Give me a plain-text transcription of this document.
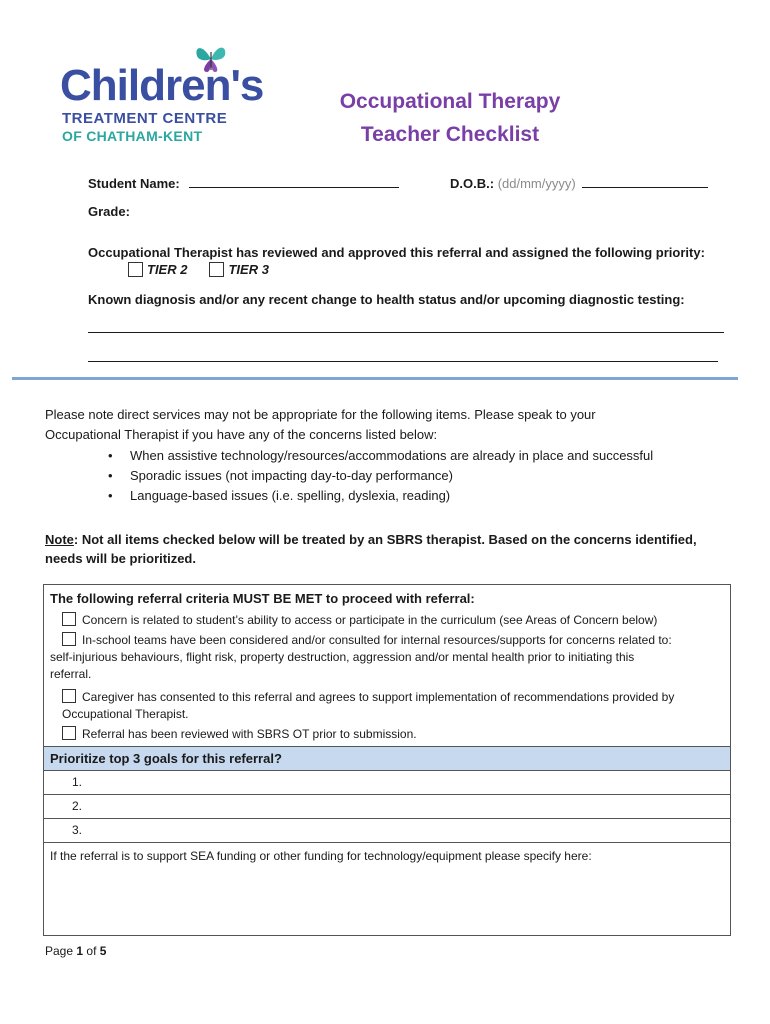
Children's
TREATMENT CENTRE
OF CHATHAM-KENT
Occupational Therapy
Teacher Checklist
Student Name:	D.O.B.: (dd/mm/yyyy)
Grade:
Occupational Therapist has reviewed and approved this referral and assigned the following priority:
TIER 2	TIER 3
Known diagnosis and/or any recent change to health status and/or upcoming diagnostic testing:
Please note direct services may not be appropriate for the following items. Please speak to your
Occupational Therapist if you have any of the concerns listed below:
• When assistive technology/resources/accommodations are already in place and successful
• Sporadic issues (not impacting day-to-day performance)
• Language-based issues (i.e. spelling, dyslexia, reading)
Note: Not all items checked below will be treated by an SBRS therapist. Based on the concerns identified,
needs will be prioritized.
The following referral criteria MUST BE MET to proceed with referral:
Concern is related to student’s ability to access or participate in the curriculum (see Areas of Concern below)
In-school teams have been considered and/or consulted for internal resources/supports for concerns related to:
self-injurious behaviours, flight risk, property destruction, aggression and/or mental health prior to initiating this
referral.
Caregiver has consented to this referral and agrees to support implementation of recommendations provided by
Occupational Therapist.
Referral has been reviewed with SBRS OT prior to submission.
Prioritize top 3 goals for this referral?
1.
2.
3.
If the referral is to support SEA funding or other funding for technology/equipment please specify here:
Page 1 of 5
